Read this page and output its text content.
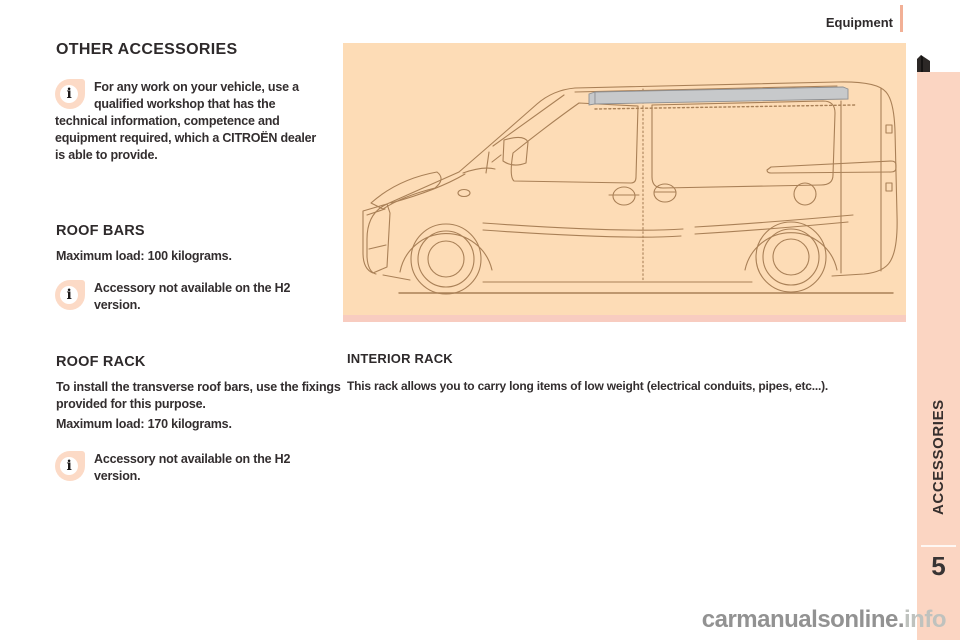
Equipment
ACCESSORIES
5
OTHER ACCESSORIES
i	For any work on your vehicle, use a qualified workshop that has the technical information, competence and equipment required, which a CITROËN dealer is able to provide.
ROOF BARS
Maximum load: 100 kilograms.
i	Accessory not available on the H2 version.
ROOF RACK
To install the transverse roof bars, use the fixings provided for this purpose.
Maximum load: 170 kilograms.
i	Accessory not available on the H2 version.
INTERIOR RACK
This rack allows you to carry long items of low weight (electrical conduits, pipes, etc...).
carmanualsonline.info
